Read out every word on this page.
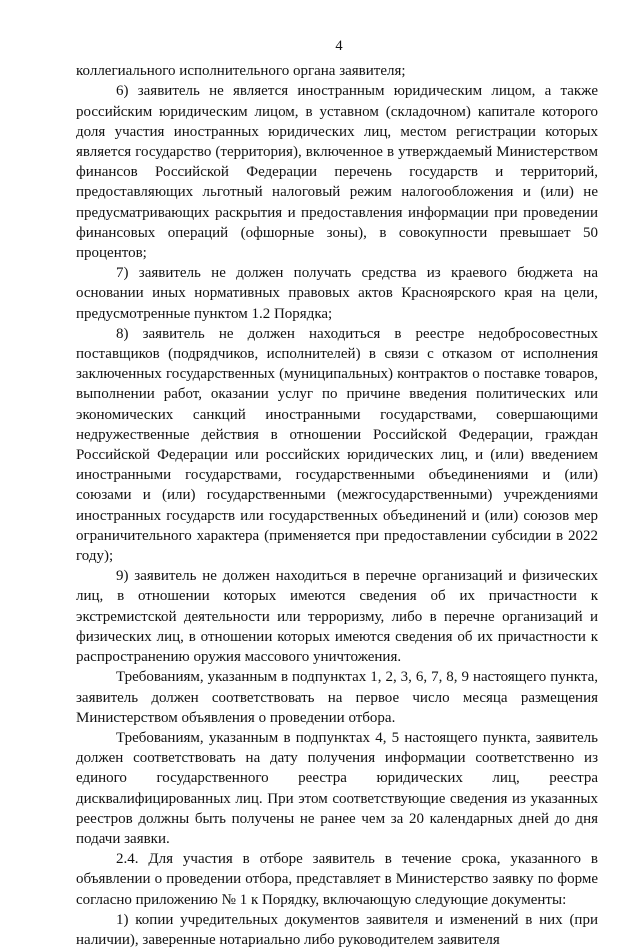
4

коллегиального исполнительного органа заявителя;

6) заявитель не является иностранным юридическим лицом, а также российским юридическим лицом, в уставном (складочном) капитале которого доля участия иностранных юридических лиц, местом регистрации которых является государство (территория), включенное в утверждаемый Министерством финансов Российской Федерации перечень государств и территорий, предоставляющих льготный налоговый режим налогообложения и (или) не предусматривающих раскрытия и предоставления информации при проведении финансовых операций (офшорные зоны), в совокупности превышает 50 процентов;

7) заявитель не должен получать средства из краевого бюджета на основании иных нормативных правовых актов Красноярского края на цели, предусмотренные пунктом 1.2 Порядка;

8) заявитель не должен находиться в реестре недобросовестных поставщиков (подрядчиков, исполнителей) в связи с отказом от исполнения заключенных государственных (муниципальных) контрактов о поставке товаров, выполнении работ, оказании услуг по причине введения политических или экономических санкций иностранными государствами, совершающими недружественные действия в отношении Российской Федерации, граждан Российской Федерации или российских юридических лиц, и (или) введением иностранными государствами, государственными объединениями и (или) союзами и (или) государственными (межгосударственными) учреждениями иностранных государств или государственных объединений и (или) союзов мер ограничительного характера (применяется при предоставлении субсидии в 2022 году);

9) заявитель не должен находиться в перечне организаций и физических лиц, в отношении которых имеются сведения об их причастности к экстремистской деятельности или терроризму, либо в перечне организаций и физических лиц, в отношении которых имеются сведения об их причастности к распространению оружия массового уничтожения.

Требованиям, указанным в подпунктах 1, 2, 3, 6, 7, 8, 9 настоящего пункта, заявитель должен соответствовать на первое число месяца размещения Министерством объявления о проведении отбора.

Требованиям, указанным в подпунктах 4, 5 настоящего пункта, заявитель должен соответствовать на дату получения информации соответственно из единого государственного реестра юридических лиц, реестра дисквалифицированных лиц. При этом соответствующие сведения из указанных реестров должны быть получены не ранее чем за 20 календарных дней до дня подачи заявки.

2.4. Для участия в отборе заявитель в течение срока, указанного в объявлении о проведении отбора, представляет в Министерство заявку по форме согласно приложению № 1 к Порядку, включающую следующие документы:

1) копии учредительных документов заявителя и изменений в них (при наличии), заверенные нотариально либо руководителем заявителя
